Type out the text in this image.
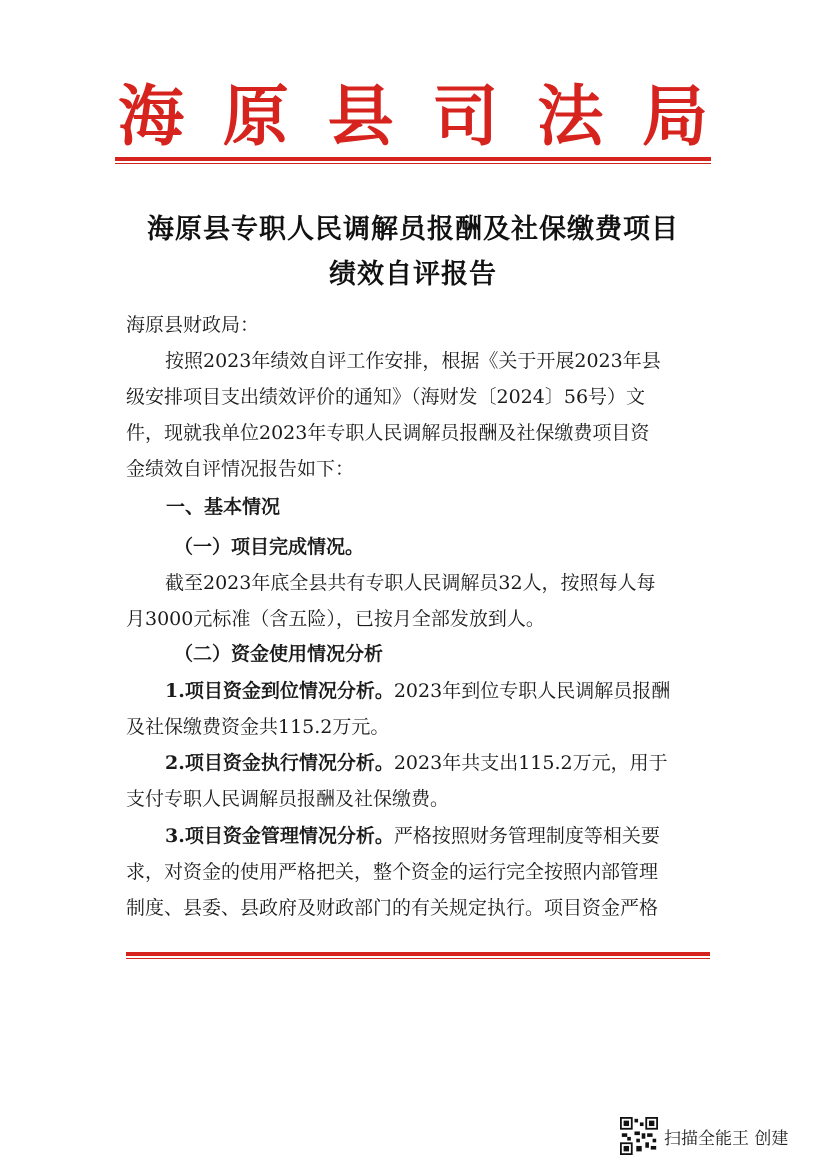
海 原 县 司 法 局
海原县专职人民调解员报酬及社保缴费项目
绩效自评报告
海原县财政局：
按照2023年绩效自评工作安排，根据《关于开展2023年县
级安排项目支出绩效评价的通知》（海财发〔2024〕56号）文
件，现就我单位2023年专职人民调解员报酬及社保缴费项目资
金绩效自评情况报告如下：
一、基本情况
（一）项目完成情况。
截至2023年底全县共有专职人民调解员32人，按照每人每
月3000元标准（含五险），已按月全部发放到人。
（二）资金使用情况分析
1.项目资金到位情况分析。2023年到位专职人民调解员报酬
及社保缴费资金共115.2万元。
2.项目资金执行情况分析。2023年共支出115.2万元，用于
支付专职人民调解员报酬及社保缴费。
3.项目资金管理情况分析。严格按照财务管理制度等相关要
求，对资金的使用严格把关，整个资金的运行完全按照内部管理
制度、县委、县政府及财政部门的有关规定执行。项目资金严格
扫描全能王 创建
